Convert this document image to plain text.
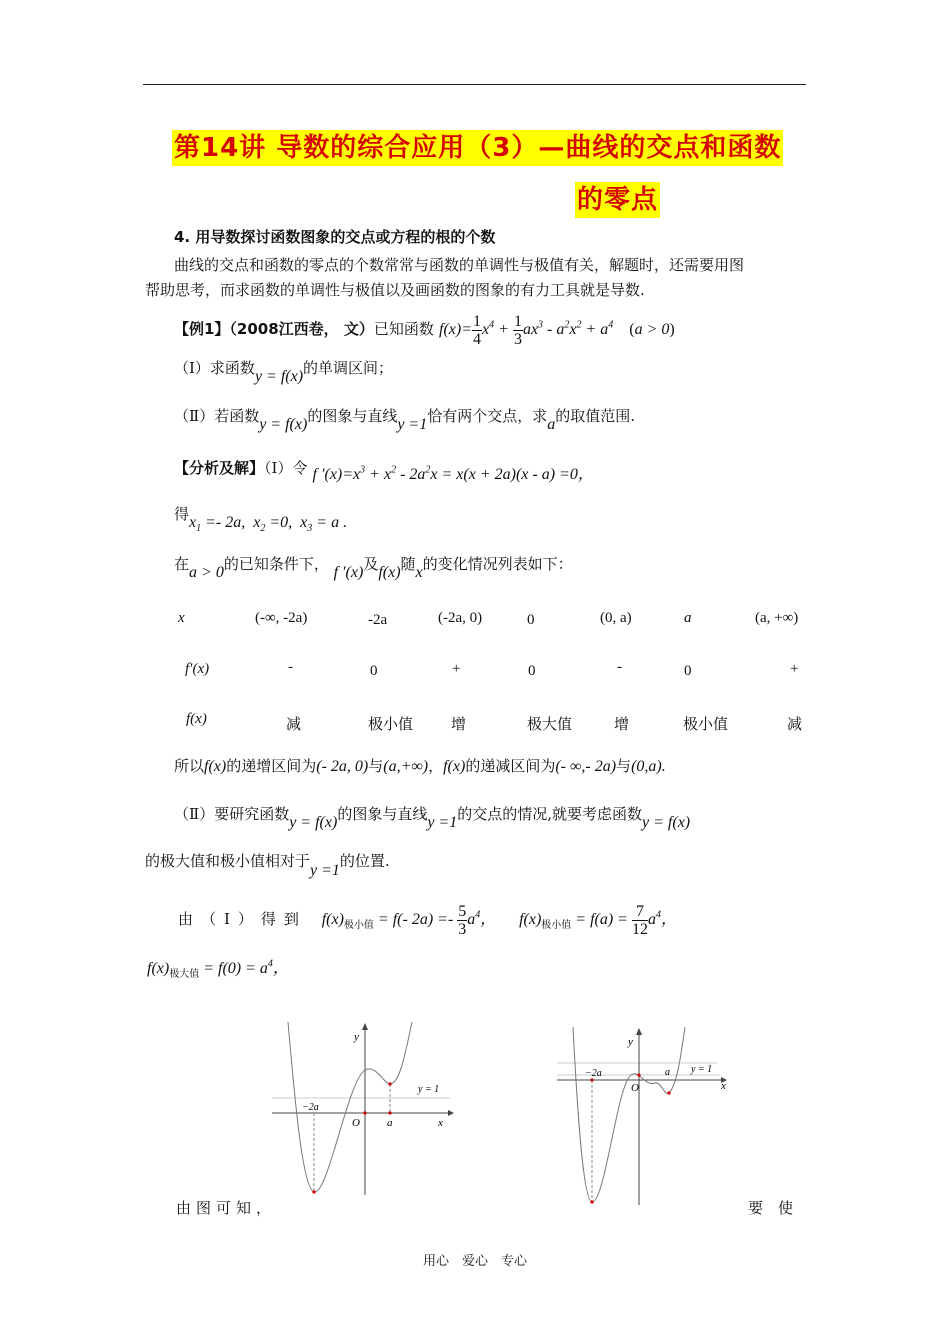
第14讲 导数的综合应用（3）—曲线的交点和函数
的零点
4. 用导数探讨函数图象的交点或方程的根的个数
曲线的交点和函数的零点的个数常常与函数的单调性与极值有关，解题时，还需要用图
帮助思考，而求函数的单调性与极值以及画函数的图象的有力工具就是导数.
【例1】（2008江西卷， 文）已知函数 $f(x)= \frac{1}{4} x^4 + \frac{1}{3} ax^3 - a^2x^2 + a^4$　 (a > 0)
（Ⅰ）求函数y = f(x)的单调区间；
（Ⅱ）若函数y = f(x)的图象与直线y =1恰有两个交点，求a的取值范围.
【分析及解】（Ⅰ）令 f $'(x)=x^3 + x^2 - 2a^2x = x(x + 2a)(x - a) =0$，
得$x_1 =- 2a$,  $x_2 =0$,  $x_3 = a$ .
在a > 0的已知条件下， f ′(x)及f(x)随x的变化情况列表如下：
x	(-∞, -2a)	-2a	(-2a, 0)	0	(0, a)	a	(a, +∞)
f′(x)	-	0	+	0	-	0	+
f(x)	减	极小值	增	极大值	增	极小值	减
所以f(x)的递增区间为(- 2a, 0)与(a,+∞)，f(x)的递减区间为(- ∞,- 2a)与(0,a).
（Ⅱ）要研究函数y = f(x)的图象与直线y =1的交点的情况,就要考虑函数y = f(x)
的极大值和极小值相对于y =1的位置.
由（Ⅰ）得到 $f(x)_{极小值} = f(-$ $2a) =- \frac{5}{3} a^4$， $f(x)_{极小值} = f(a) = \frac{7}{12} a^4$，
$f(x)_{极大值} = f(0) = a^4$，
y
x
O a
−2a
y = 1
y
x
O
a
−2a	y = 1
由图可知，	要　使
用心　爱心　专心
